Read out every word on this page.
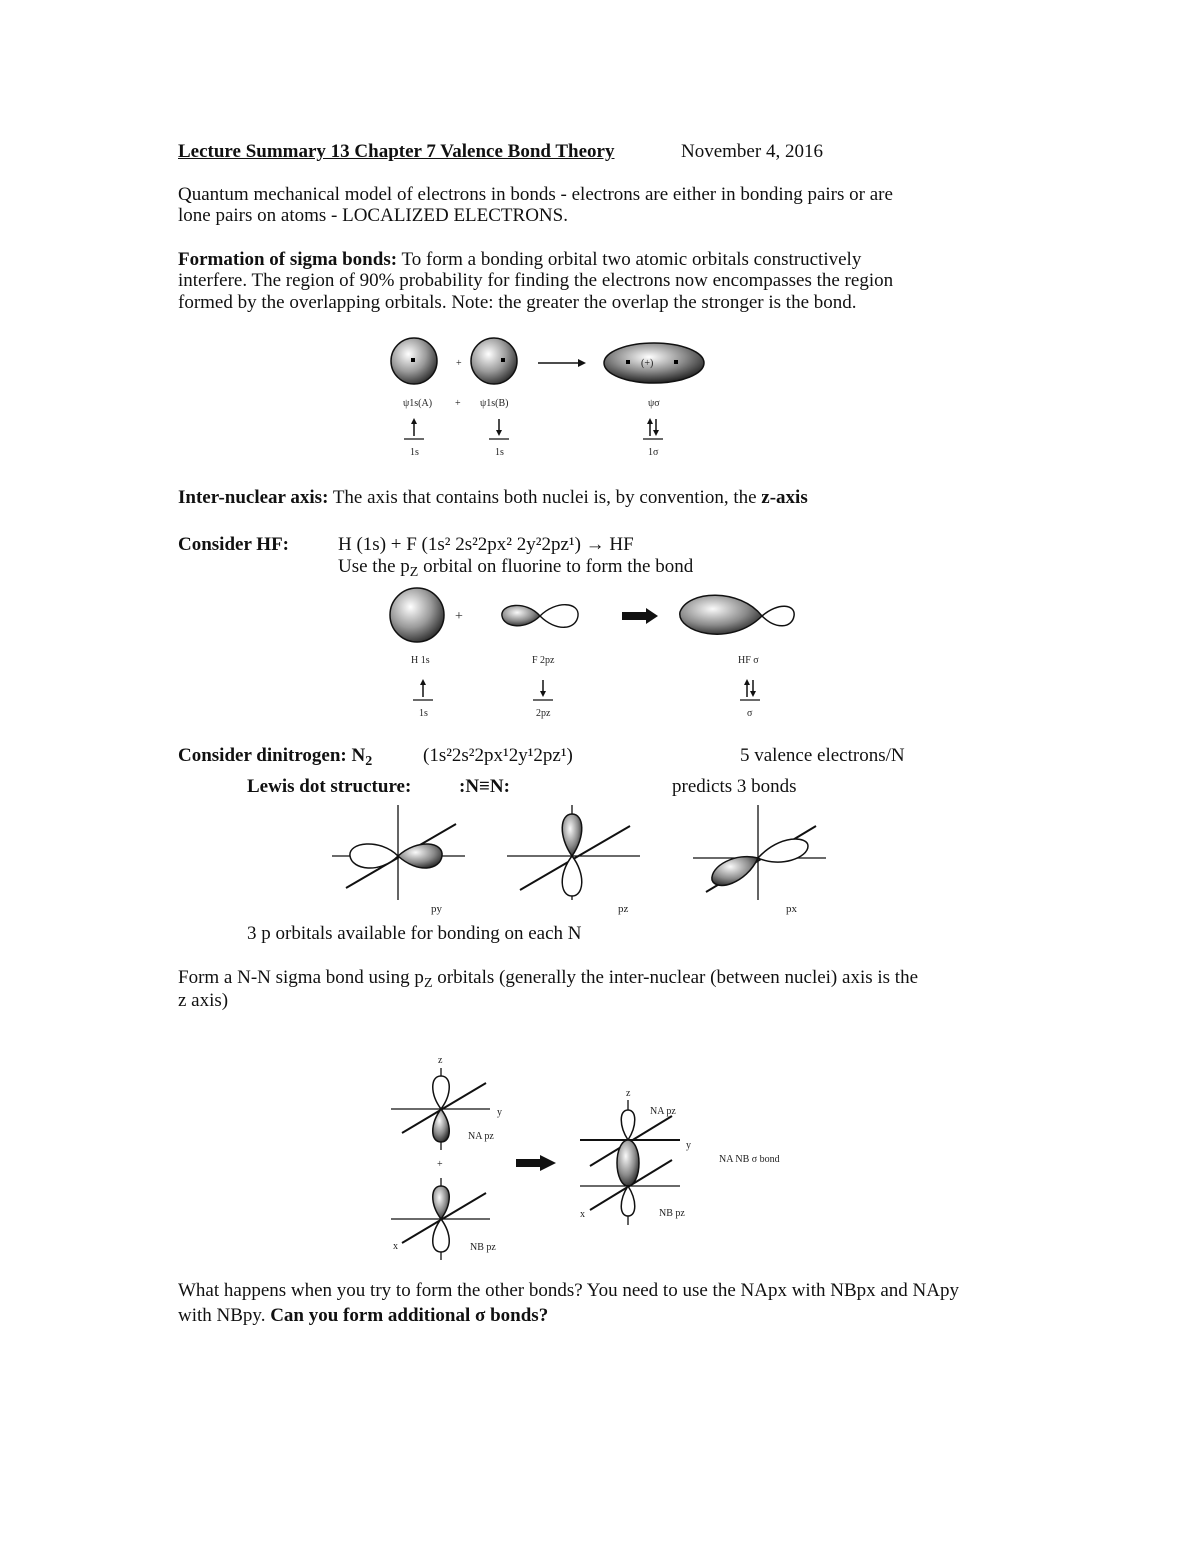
Lecture Summary 13 Chapter 7 Valence Bond Theory	November 4, 2016
Quantum mechanical model of electrons in bonds - electrons are either in bonding pairs or are
lone pairs on atoms - LOCALIZED ELECTRONS.
Formation of sigma bonds: To form a bonding orbital two atomic orbitals constructively
interfere. The region of 90% probability for finding the electrons now encompasses the region
formed by the overlapping orbitals. Note: the greater the overlap the stronger is the bond.
+	(+)
ψ1s(A) + ψ1s(B)	ψσ
1s	1s	1σ
Inter-nuclear axis: The axis that contains both nuclei is, by convention, the z-axis
Consider HF:	H (1s) + F (1s² 2s²2px² 2y²2pz¹) → HF
Use the $p_Z$ orbital on fluorine to form the bond
+
H 1s	F 2pz	HF σ
1s	2pz	σ
Consider dinitrogen: $N_2$	(1s²2s²2px¹2y¹2pz¹)	5 valence electrons/N
Lewis dot structure:	:N≡N:	predicts 3 bonds
py	pz	px
3 p orbitals available for bonding on each N
Form a N-N sigma bond using $p_Z$ orbitals (generally the inter-nuclear (between nuclei) axis is the
z axis)
z
y
NA pz
+
x	NB pz
z
NA pz
y
x	NB pz
NA NB σ bond
What happens when you try to form the other bonds? You need to use the NApx with NBpx and NApy
with NBpy. Can you form additional σ bonds?
